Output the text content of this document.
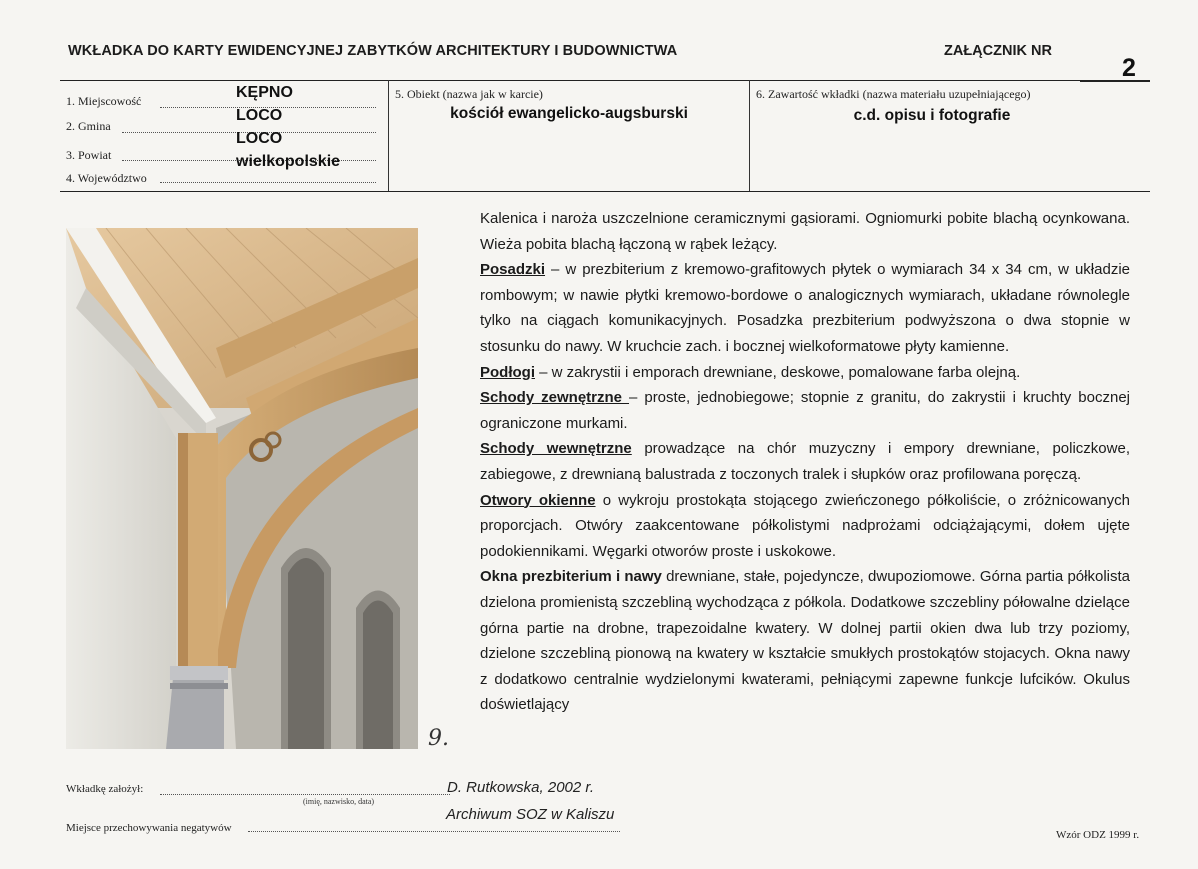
WKŁADKA DO KARTY EWIDENCYJNEJ ZABYTKÓW ARCHITEKTURY I BUDOWNICTWA	ZAŁĄCZNIK NR
2
1. Miejscowość	KĘPNO
2. Gmina
LOCO
3. Powiat
LOCO
4. Województwo
wielkopolskie
5. Obiekt (nazwa jak w karcie)
kościół ewangelicko-augsburski
6. Zawartość wkładki (nazwa materiału uzupełniającego)
c.d. opisu i fotografie
9.

Kalenica i naroża uszczelnione ceramicznymi gąsiorami. Ogniomurki pobite blachą ocynkowana. Wieża pobita blachą łączoną w rąbek leżący.

Posadzki – w prezbiterium z kremowo-grafitowych płytek o wymiarach 34 x 34 cm, w układzie rombowym; w nawie płytki kremowo-bordowe o analogicznych wymiarach, układane równolegle tylko na ciągach komunikacyjnych. Posadzka prezbiterium podwyższona o dwa stopnie w stosunku do nawy. W kruchcie zach. i bocznej wielkoformatowe płyty kamienne.

Podłogi – w zakrystii i emporach drewniane, deskowe, pomalowane farba olejną.

Schody zewnętrzne – proste, jednobiegowe; stopnie z granitu, do zakrystii i kruchty bocznej ograniczone murkami.

Schody wewnętrzne prowadzące na chór muzyczny i empory drewniane, policzkowe, zabiegowe, z drewnianą balustrada z toczonych tralek i słupków oraz profilowana poręczą.

Otwory okienne o wykroju prostokąta stojącego zwieńczonego półkoliście, o zróżnicowanych proporcjach. Otwóry zaakcentowane półkolistymi nadprożami odciążającymi, dołem ujęte podokiennikami. Węgarki otworów proste i uskokowe.

Okna prezbiterium i nawy drewniane, stałe, pojedyncze, dwupoziomowe. Górna partia półkolista dzielona promienistą szczebliną wychodząca z półkola. Dodatkowe szczebliny półowalne dzielące górna partie na drobne, trapezoidalne kwatery. W dolnej partii okien dwa lub trzy poziomy, dzielone szczebliną pionową na kwatery w kształcie smukłych prostokątów stojacych. Okna nawy z dodatkowo centralnie wydzielonymi kwaterami, pełniącymi zapewne funkcje lufcików. Okulus doświetlający

Wkładkę założył:
(imię, nazwisko, data)
D. Rutkowska, 2002 r.
Miejsce przechowywania negatywów
Archiwum SOZ w Kaliszu
Wzór ODZ 1999 r.
